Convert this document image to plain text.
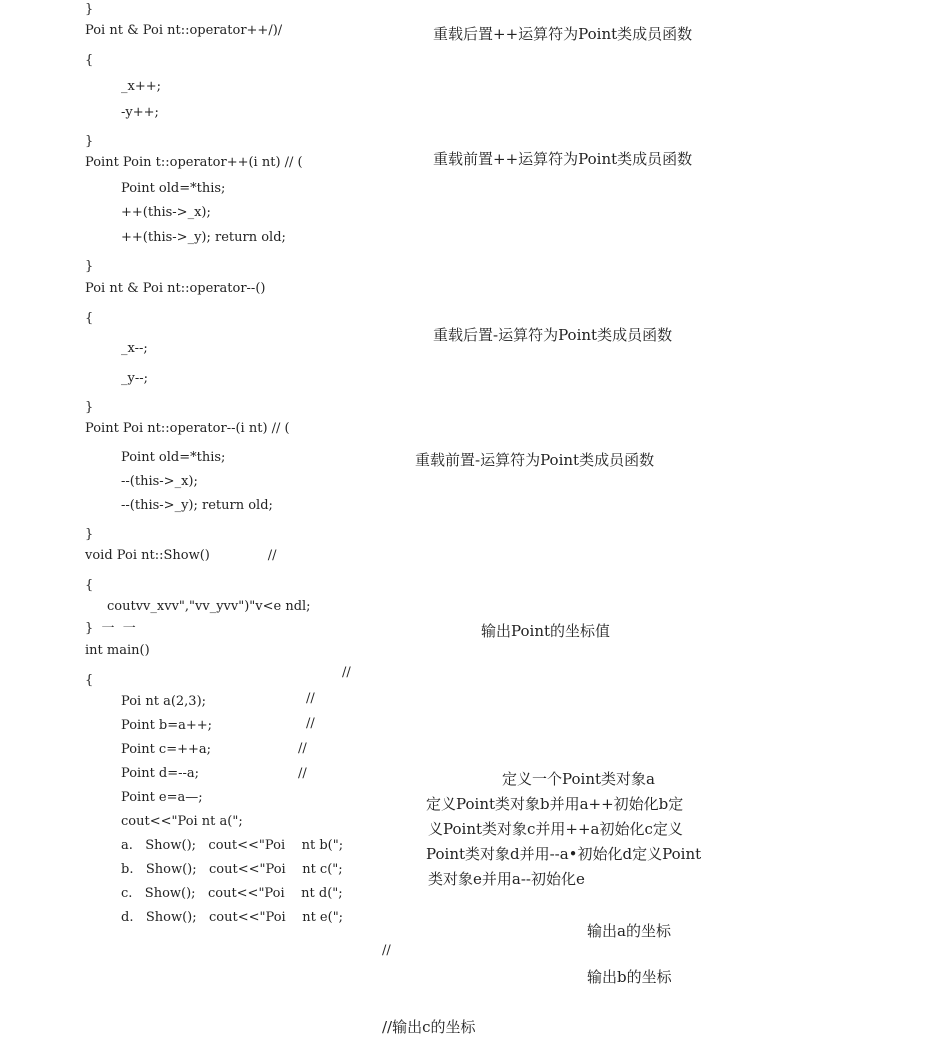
}
Poi nt & Poi nt::operator++/)/
{
_x++;
-y++;
}
Point Poin t::operator++(i nt) // (
Point old=*this;
++(this->_x);
++(this->_y); return old;
}
Poi nt & Poi nt::operator--()
{
_x--;
_y--;
}
Point Poi nt::operator--(i nt) // (
Point old=*this;
--(this->_x);
--(this->_y); return old;
}
void Poi nt::Show()              //
{
coutvv_xvv","vv_yvv")"v<e ndl;
}  一  一
int main()
{
//
Poi nt a(2,3);	//
Point b=a++;	//
Point c=++a;	//
Point d=--a;	//
Point e=a—;
cout<<"Poi nt a(";
a.   Show();   cout<<"Poi    nt b(";
b.   Show();   cout<<"Poi    nt c(";
c.   Show();   cout<<"Poi    nt d(";
d.   Show();   cout<<"Poi    nt e(";
//
重载后置++运算符为Point类成员函数
重载前置++运算符为Point类成员函数
重载后置-运算符为Point类成员函数
重载前置-运算符为Point类成员函数
输出Point的坐标值
定义一个Point类对象a
定义Point类对象b并用a++初始化b定
义Point类对象c并用++a初始化c定义
Point类对象d并用--a•初始化d定义Point
类对象e并用a--初始化e
输出a的坐标
输出b的坐标
//输出c的坐标
